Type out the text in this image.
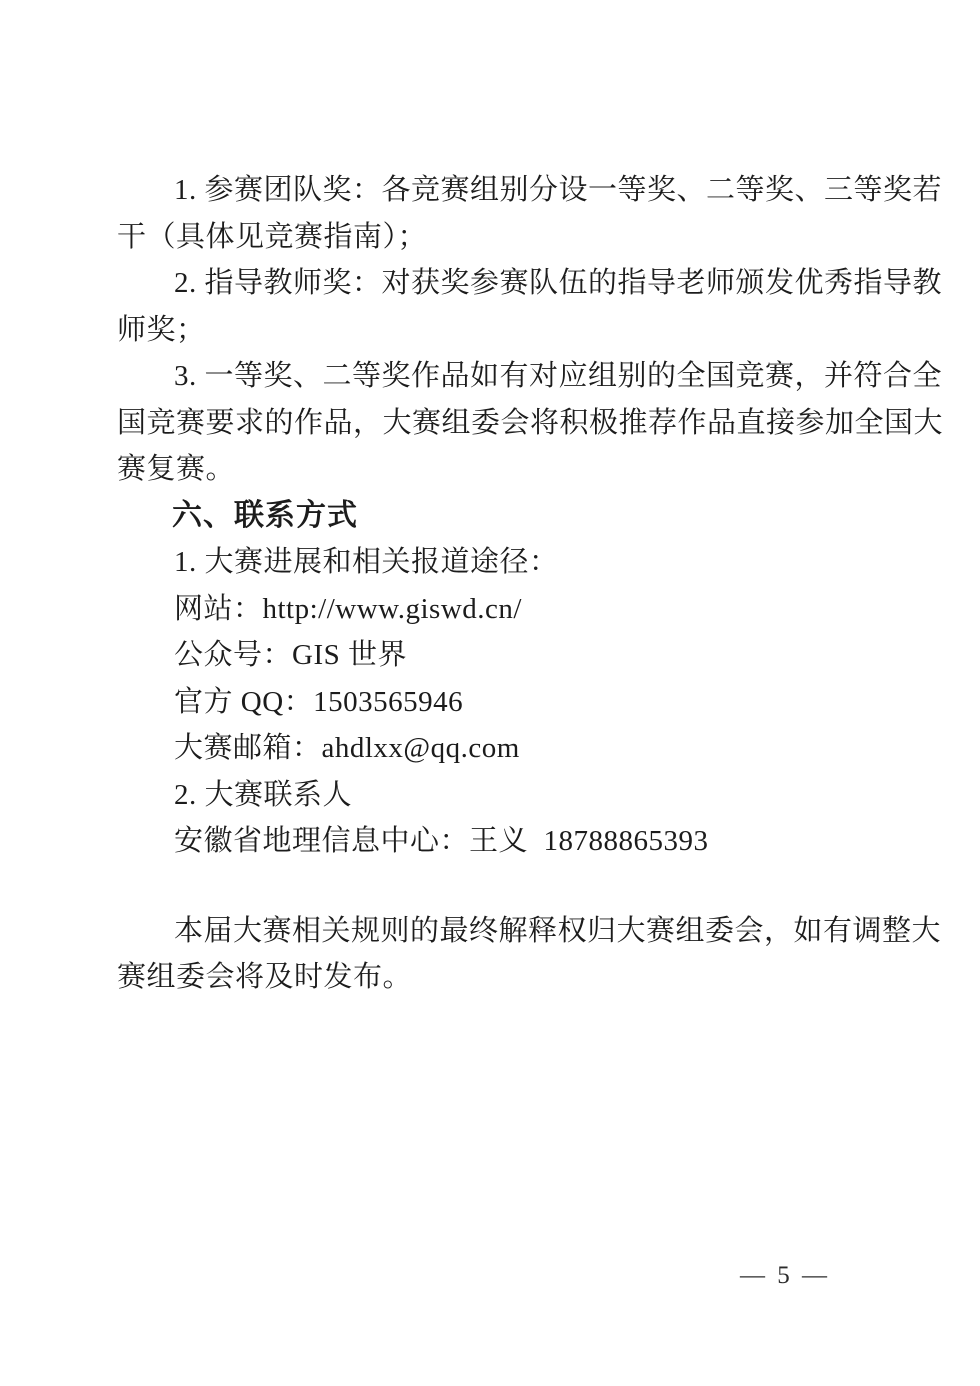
1. 参赛团队奖：各竞赛组别分设一等奖、二等奖、三等奖若
干（具体见竞赛指南）；
2. 指导教师奖：对获奖参赛队伍的指导老师颁发优秀指导教
师奖；
3. 一等奖、二等奖作品如有对应组别的全国竞赛，并符合全
国竞赛要求的作品，大赛组委会将积极推荐作品直接参加全国大
赛复赛。
六、联系方式
1. 大赛进展和相关报道途径：
网站：http://www.giswd.cn/
公众号：GIS 世界
官方 QQ：1503565946
大赛邮箱：ahdlxx@qq.com
2. 大赛联系人
安徽省地理信息中心：王义  18788865393
本届大赛相关规则的最终解释权归大赛组委会，如有调整大
赛组委会将及时发布。
— 5 —
